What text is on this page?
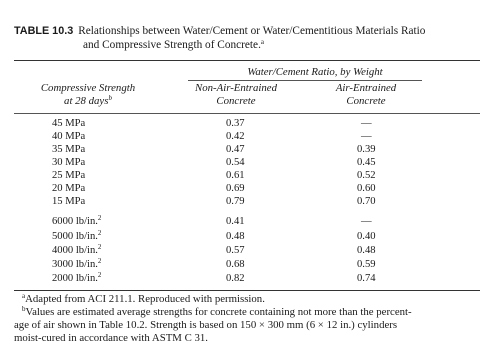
TABLE 10.3 Relationships between Water/Cement or Water/Cementitious Materials Ratio
and Compressive Strength of Concrete.$^a$
Water/Cement Ratio, by Weight
Compressive Strength
at 28 days$^b$
Non-Air-Entrained
Concrete
Air-Entrained
Concrete
45 MPa	0.37	—
40 MPa	0.42	—
35 MPa	0.47	0.39
30 MPa	0.54	0.45
25 MPa	0.61	0.52
20 MPa	0.69	0.60
15 MPa	0.79	0.70
6000 lb/in.$^2$	0.41	—
5000 lb/in.$^2$	0.48	0.40
4000 lb/in.$^2$	0.57	0.48
3000 lb/in.$^2$	0.68	0.59
2000 lb/in.$^2$	0.82	0.74
$^a$Adapted from ACI 211.1. Reproduced with permission.
$^b$Values are estimated average strengths for concrete containing not more than the percent-
age of air shown in Table 10.2. Strength is based on 150 × 300 mm (6 × 12 in.) cylinders
moist-cured in accordance with ASTM C 31.
